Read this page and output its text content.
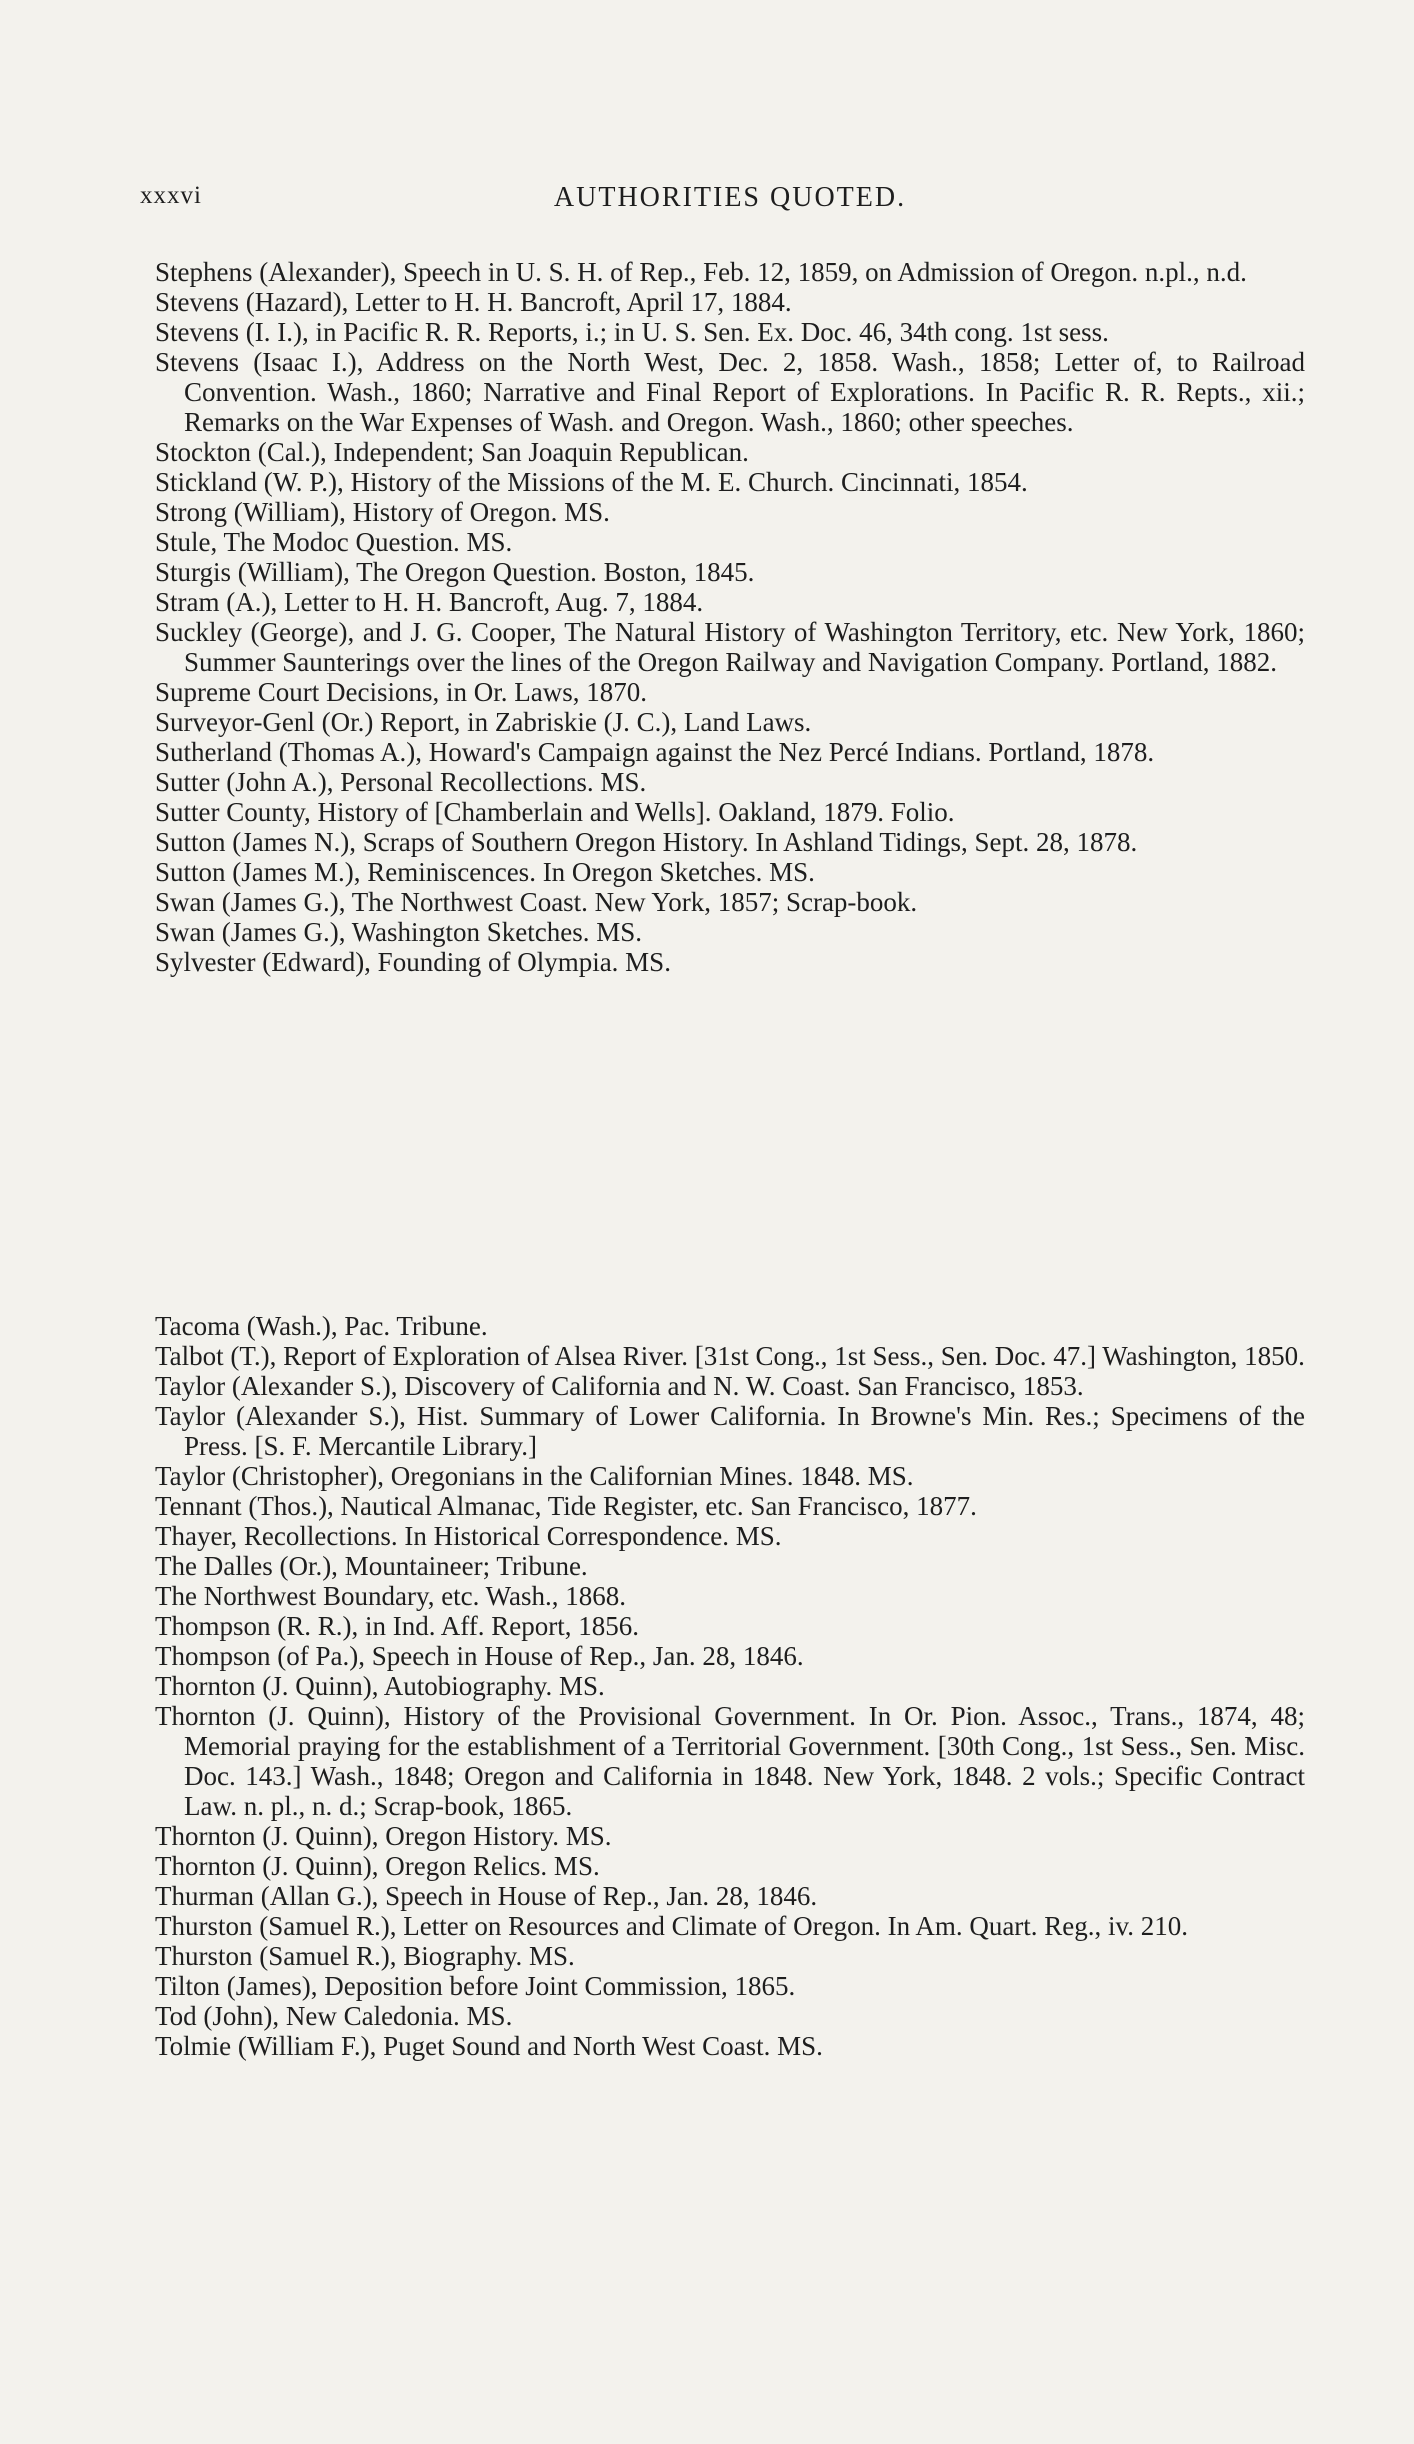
xxxvi	AUTHORITIES QUOTED.
Stephens (Alexander), Speech in U. S. H. of Rep., Feb. 12, 1859, on Admission of Oregon. n.pl., n.d.
Stevens (Hazard), Letter to H. H. Bancroft, April 17, 1884.
Stevens (I. I.), in Pacific R. R. Reports, i.; in U. S. Sen. Ex. Doc. 46, 34th cong. 1st sess.
Stevens (Isaac I.), Address on the North West, Dec. 2, 1858. Wash., 1858; Letter of, to Railroad Convention. Wash., 1860; Narrative and Final Report of Explorations. In Pacific R. R. Repts., xii.; Remarks on the War Expenses of Wash. and Oregon. Wash., 1860; other speeches.
Stockton (Cal.), Independent; San Joaquin Republican.
Stickland (W. P.), History of the Missions of the M. E. Church. Cincinnati, 1854.
Strong (William), History of Oregon. MS.
Stule, The Modoc Question. MS.
Sturgis (William), The Oregon Question. Boston, 1845.
Stram (A.), Letter to H. H. Bancroft, Aug. 7, 1884.
Suckley (George), and J. G. Cooper, The Natural History of Washington Territory, etc. New York, 1860; Summer Saunterings over the lines of the Oregon Railway and Navigation Company. Portland, 1882.
Supreme Court Decisions, in Or. Laws, 1870.
Surveyor-Genl (Or.) Report, in Zabriskie (J. C.), Land Laws.
Sutherland (Thomas A.), Howard's Campaign against the Nez Percé Indians. Portland, 1878.
Sutter (John A.), Personal Recollections. MS.
Sutter County, History of [Chamberlain and Wells]. Oakland, 1879. Folio.
Sutton (James N.), Scraps of Southern Oregon History. In Ashland Tidings, Sept. 28, 1878.
Sutton (James M.), Reminiscences. In Oregon Sketches. MS.
Swan (James G.), The Northwest Coast. New York, 1857; Scrap-book.
Swan (James G.), Washington Sketches. MS.
Sylvester (Edward), Founding of Olympia. MS.
Tacoma (Wash.), Pac. Tribune.
Talbot (T.), Report of Exploration of Alsea River. [31st Cong., 1st Sess., Sen. Doc. 47.] Washington, 1850.
Taylor (Alexander S.), Discovery of California and N. W. Coast. San Francisco, 1853.
Taylor (Alexander S.), Hist. Summary of Lower California. In Browne's Min. Res.; Specimens of the Press. [S. F. Mercantile Library.]
Taylor (Christopher), Oregonians in the Californian Mines. 1848. MS.
Tennant (Thos.), Nautical Almanac, Tide Register, etc. San Francisco, 1877.
Thayer, Recollections. In Historical Correspondence. MS.
The Dalles (Or.), Mountaineer; Tribune.
The Northwest Boundary, etc. Wash., 1868.
Thompson (R. R.), in Ind. Aff. Report, 1856.
Thompson (of Pa.), Speech in House of Rep., Jan. 28, 1846.
Thornton (J. Quinn), Autobiography. MS.
Thornton (J. Quinn), History of the Provisional Government. In Or. Pion. Assoc., Trans., 1874, 48; Memorial praying for the establishment of a Territorial Government. [30th Cong., 1st Sess., Sen. Misc. Doc. 143.] Wash., 1848; Oregon and California in 1848. New York, 1848. 2 vols.; Specific Contract Law. n. pl., n. d.; Scrap-book, 1865.
Thornton (J. Quinn), Oregon History. MS.
Thornton (J. Quinn), Oregon Relics. MS.
Thurman (Allan G.), Speech in House of Rep., Jan. 28, 1846.
Thurston (Samuel R.), Letter on Resources and Climate of Oregon. In Am. Quart. Reg., iv. 210.
Thurston (Samuel R.), Biography. MS.
Tilton (James), Deposition before Joint Commission, 1865.
Tod (John), New Caledonia. MS.
Tolmie (William F.), Puget Sound and North West Coast. MS.
